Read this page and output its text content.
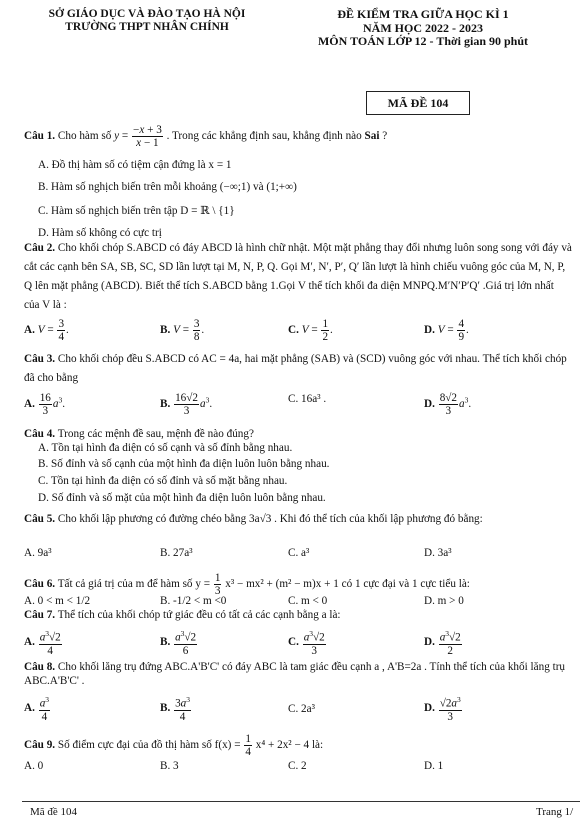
SỞ GIÁO DỤC VÀ ĐÀO TẠO HÀ NỘI
TRƯỜNG THPT NHÂN CHÍNH
ĐỀ KIỂM TRA GIỮA HỌC KÌ 1
NĂM HỌC 2022 - 2023
MÔN TOÁN LỚP 12 - Thời gian 90 phút
MÃ ĐỀ 104
Câu 1. Cho hàm số $y = \frac{-x + 3}{x - 1}$ . Trong các khẳng định sau, khẳng định nào Sai ?
A. Đồ thị hàm số có tiệm cận đứng là x = 1
B. Hàm số nghịch biến trên mỗi khoảng (−∞;1) và (1;+∞)
C. Hàm số nghịch biến trên tập D = ℝ \ {1}
D. Hàm số không có cực trị
Câu 2. Cho khối chóp S.ABCD có đáy ABCD là hình chữ nhật. Một mặt phẳng thay đổi nhưng luôn song song với đáy và cắt các cạnh bên SA, SB, SC, SD lần lượt tại M, N, P, Q. Gọi M′, N′, P′, Q′ lần lượt là hình chiếu vuông góc của M, N, P, Q lên mặt phẳng (ABCD). Biết thể tích S.ABCD bằng 1.Gọi V thể tích khối đa diện MNPQ.M′N′P′Q′ .Giá trị lớn nhất của V là :
A. $V = \frac{3}{4}$ .	B. $V = \frac{3}{8}$ .	C. $V = \frac{1}{2}$ .	D. $V = \frac{4}{9}$ .
Câu 3. Cho khối chóp đều S.ABCD có AC = 4a, hai mặt phẳng (SAB) và (SCD) vuông góc với nhau. Thể tích khối chóp đã cho bằng
A. $\frac{16}{3} a^3$.	B. $\frac{16√2}{3} a^3$.	C. 16a³ .	D. $\frac{8√2}{3} a^3$.
Câu 4. Trong các mệnh đề sau, mệnh đề nào đúng?
A. Tồn tại hình đa diện có số cạnh và số đỉnh bằng nhau.
B. Số đỉnh và số cạnh của một hình đa diện luôn luôn bằng nhau.
C. Tồn tại hình đa diện có số đỉnh và số mặt bằng nhau.
D. Số đỉnh và số mặt của một hình đa diện luôn luôn bằng nhau.
Câu 5. Cho khối lập phương có đường chéo bằng 3a√3 . Khi đó thể tích của khối lập phương đó bằng:
A. 9a³	B. 27a³	C. a³	D. 3a³
Câu 6. Tất cả giá trị của m để hàm số $y = \frac{1}{3} x^3 - mx^2 + (m^2 - m)x + 1$ có 1 cực đại và 1 cực tiểu là:
A. 0 < m < 1/2	B. -1/2 < m <0	C. m < 0	D. m > 0
Câu 7. Thể tích của khối chóp tứ giác đều có tất cả các cạnh bằng a là:
A. $\frac{a^3√2}{4}$	B. $\frac{a^3√2}{6}$	C. $\frac{a^3√2}{3}$	D. $\frac{a^3√2}{2}$
Câu 8. Cho khối lăng trụ đứng ABC.A'B'C' có đáy ABC là tam giác đều cạnh a , A'B=2a . Tính thể tích của khối lăng trụ ABC.A'B'C' .
A. $\frac{a^3}{4}$	B. $\frac{3a^3}{4}$	C. 2a³	D. $\frac{√2a^3}{3}$
Câu 9. Số điểm cực đại của đồ thị hàm số $f(x) = \frac{1}{4} x^4 + 2x^2 - 4$ là:
A. 0	B. 3	C. 2	D. 1
Mã đề 104	Trang 1/
